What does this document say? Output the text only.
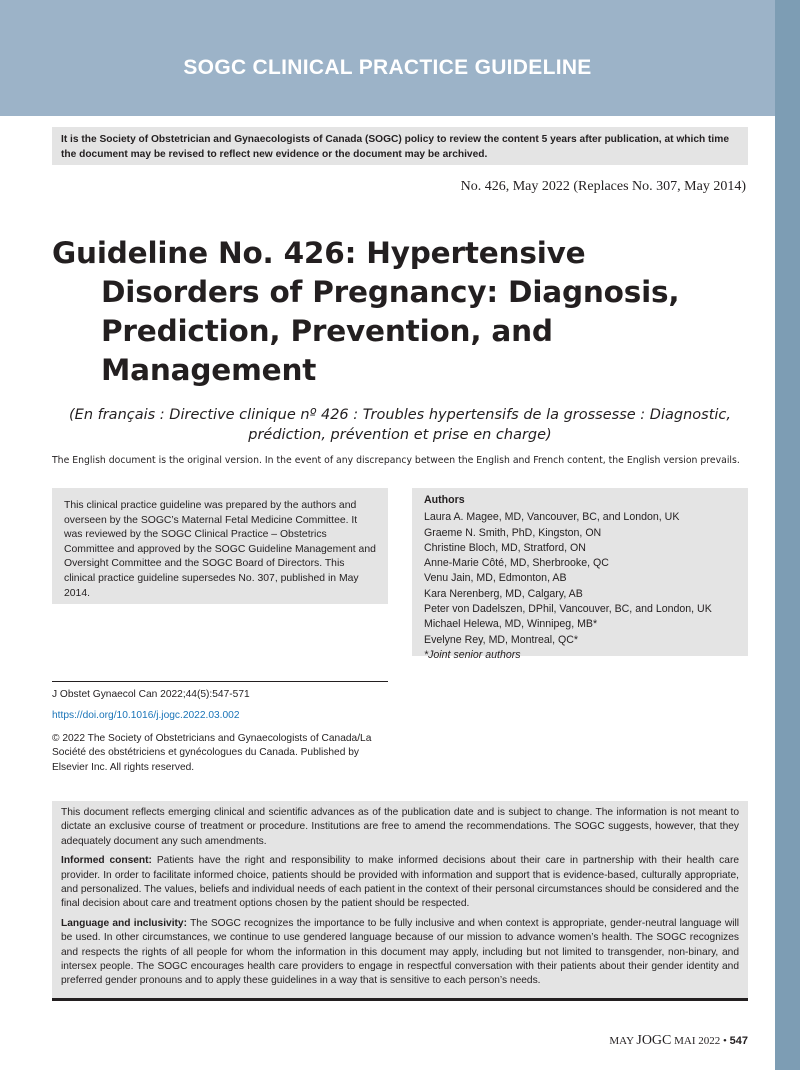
SOGC CLINICAL PRACTICE GUIDELINE
It is the Society of Obstetrician and Gynaecologists of Canada (SOGC) policy to review the content 5 years after publication, at which time the document may be revised to reflect new evidence or the document may be archived.
No. 426, May 2022 (Replaces No. 307, May 2014)
Guideline No. 426: Hypertensive Disorders of Pregnancy: Diagnosis, Prediction, Prevention, and Management
(En français : Directive clinique nº 426 : Troubles hypertensifs de la grossesse : Diagnostic, prédiction, prévention et prise en charge)
The English document is the original version. In the event of any discrepancy between the English and French content, the English version prevails.
This clinical practice guideline was prepared by the authors and overseen by the SOGC’s Maternal Fetal Medicine Committee. It was reviewed by the SOGC Clinical Practice – Obstetrics Committee and approved by the SOGC Guideline Management and Oversight Committee and the SOGC Board of Directors. This clinical practice guideline supersedes No. 307, published in May 2014.
Authors
Laura A. Magee, MD, Vancouver, BC, and London, UK
Graeme N. Smith, PhD, Kingston, ON
Christine Bloch, MD, Stratford, ON
Anne-Marie Côté, MD, Sherbrooke, QC
Venu Jain, MD, Edmonton, AB
Kara Nerenberg, MD, Calgary, AB
Peter von Dadelszen, DPhil, Vancouver, BC, and London, UK
Michael Helewa, MD, Winnipeg, MB*
Evelyne Rey, MD, Montreal, QC*
*Joint senior authors
J Obstet Gynaecol Can 2022;44(5):547-571
https://doi.org/10.1016/j.jogc.2022.03.002
© 2022 The Society of Obstetricians and Gynaecologists of Canada/La Société des obstétriciens et gynécologues du Canada. Published by Elsevier Inc. All rights reserved.

This document reflects emerging clinical and scientific advances as of the publication date and is subject to change. The information is not meant to dictate an exclusive course of treatment or procedure. Institutions are free to amend the recommendations. The SOGC suggests, however, that they adequately document any such amendments.

Informed consent: Patients have the right and responsibility to make informed decisions about their care in partnership with their health care provider. In order to facilitate informed choice, patients should be provided with information and support that is evidence-based, culturally appropriate, and personalized. The values, beliefs and individual needs of each patient in the context of their personal circumstances should be considered and the final decision about care and treatment options chosen by the patient should be respected.

Language and inclusivity: The SOGC recognizes the importance to be fully inclusive and when context is appropriate, gender-neutral language will be used. In other circumstances, we continue to use gendered language because of our mission to advance women’s health. The SOGC recognizes and respects the rights of all people for whom the information in this document may apply, including but not limited to transgender, non-binary, and intersex people. The SOGC encourages health care providers to engage in respectful conversation with their patients about their gender identity and preferred gender pronouns and to apply these guidelines in a way that is sensitive to each person’s needs.

MAY JOGC MAI 2022 • 547
